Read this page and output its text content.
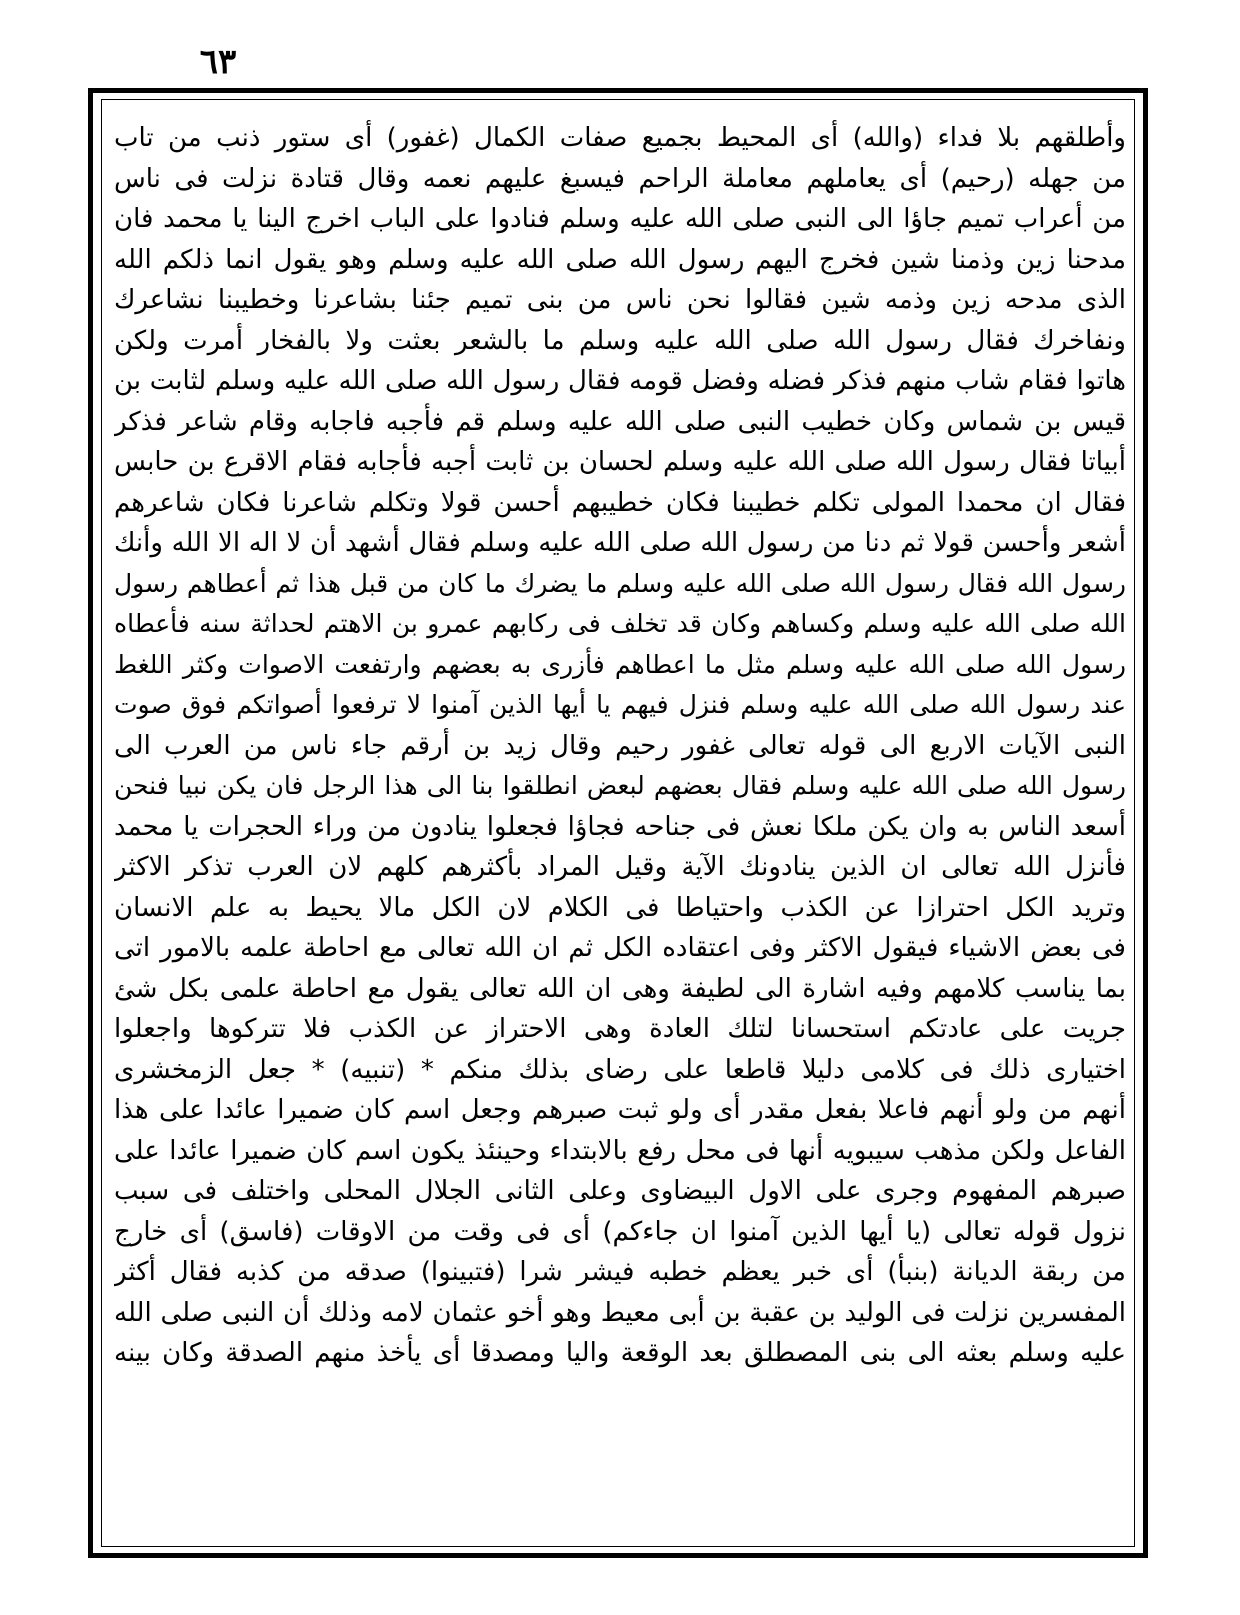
٦٣
وأطلقهم بلا فداء (والله) أى المحيط بجميع صفات الكمال (غفور) أى ستور ذنب من تاب
من جهله (رحيم) أى يعاملهم معاملة الراحم فيسبغ عليهم نعمه وقال قتادة نزلت فى ناس
من أعراب تميم جاؤا الى النبى صلى الله عليه وسلم فنادوا على الباب اخرج الينا يا محمد فان
مدحنا زين وذمنا شين فخرج اليهم رسول الله صلى الله عليه وسلم وهو يقول انما ذلكم الله
الذى مدحه زين وذمه شين فقالوا نحن ناس من بنى تميم جئنا بشاعرنا وخطيبنا نشاعرك
ونفاخرك فقال رسول الله صلى الله عليه وسلم ما بالشعر بعثت ولا بالفخار أمرت ولكن
هاتوا فقام شاب منهم فذكر فضله وفضل قومه فقال رسول الله صلى الله عليه وسلم لثابت بن
قيس بن شماس وكان خطيب النبى صلى الله عليه وسلم قم فأجبه فاجابه وقام شاعر فذكر
أبياتا فقال رسول الله صلى الله عليه وسلم لحسان بن ثابت أجبه فأجابه فقام الاقرع بن حابس
فقال ان محمدا المولى تكلم خطيبنا فكان خطيبهم أحسن قولا وتكلم شاعرنا فكان شاعرهم
أشعر وأحسن قولا ثم دنا من رسول الله صلى الله عليه وسلم فقال أشهد أن لا اله الا الله وأنك
رسول الله فقال رسول الله صلى الله عليه وسلم ما يضرك ما كان من قبل هذا ثم أعطاهم رسول
الله صلى الله عليه وسلم وكساهم وكان قد تخلف فى ركابهم عمرو بن الاهتم لحداثة سنه فأعطاه
رسول الله صلى الله عليه وسلم مثل ما اعطاهم فأزرى به بعضهم وارتفعت الاصوات وكثر اللغط
عند رسول الله صلى الله عليه وسلم فنزل فيهم يا أيها الذين آمنوا لا ترفعوا أصواتكم فوق صوت
النبى الآيات الاربع الى قوله تعالى غفور رحيم وقال زيد بن أرقم جاء ناس من العرب الى
رسول الله صلى الله عليه وسلم فقال بعضهم لبعض انطلقوا بنا الى هذا الرجل فان يكن نبيا فنحن
أسعد الناس به وان يكن ملكا نعش فى جناحه فجاؤا فجعلوا ينادون من وراء الحجرات يا محمد
فأنزل الله تعالى ان الذين ينادونك الآية وقيل المراد بأكثرهم كلهم لان العرب تذكر الاكثر
وتريد الكل احترازا عن الكذب واحتياطا فى الكلام لان الكل مالا يحيط به علم الانسان
فى بعض الاشياء فيقول الاكثر وفى اعتقاده الكل ثم ان الله تعالى مع احاطة علمه بالامور اتى
بما يناسب كلامهم وفيه اشارة الى لطيفة وهى ان الله تعالى يقول مع احاطة علمى بكل شئ
جريت على عادتكم استحسانا لتلك العادة وهى الاحتراز عن الكذب فلا تتركوها واجعلوا
اختيارى ذلك فى كلامى دليلا قاطعا على رضاى بذلك منكم * (تنبيه) * جعل الزمخشرى
أنهم من ولو أنهم فاعلا بفعل مقدر أى ولو ثبت صبرهم وجعل اسم كان ضميرا عائدا على هذا
الفاعل ولكن مذهب سيبويه أنها فى محل رفع بالابتداء وحينئذ يكون اسم كان ضميرا عائدا على
صبرهم المفهوم وجرى على الاول البيضاوى وعلى الثانى الجلال المحلى واختلف فى سبب
نزول قوله تعالى (يا أيها الذين آمنوا ان جاءكم) أى فى وقت من الاوقات (فاسق) أى خارج
من ربقة الديانة (بنبأ) أى خبر يعظم خطبه فيشر شرا (فتبينوا) صدقه من كذبه فقال أكثر
المفسرين نزلت فى الوليد بن عقبة بن أبى معيط وهو أخو عثمان لامه وذلك أن النبى صلى الله
عليه وسلم بعثه الى بنى المصطلق بعد الوقعة واليا ومصدقا أى يأخذ منهم الصدقة وكان بينه
